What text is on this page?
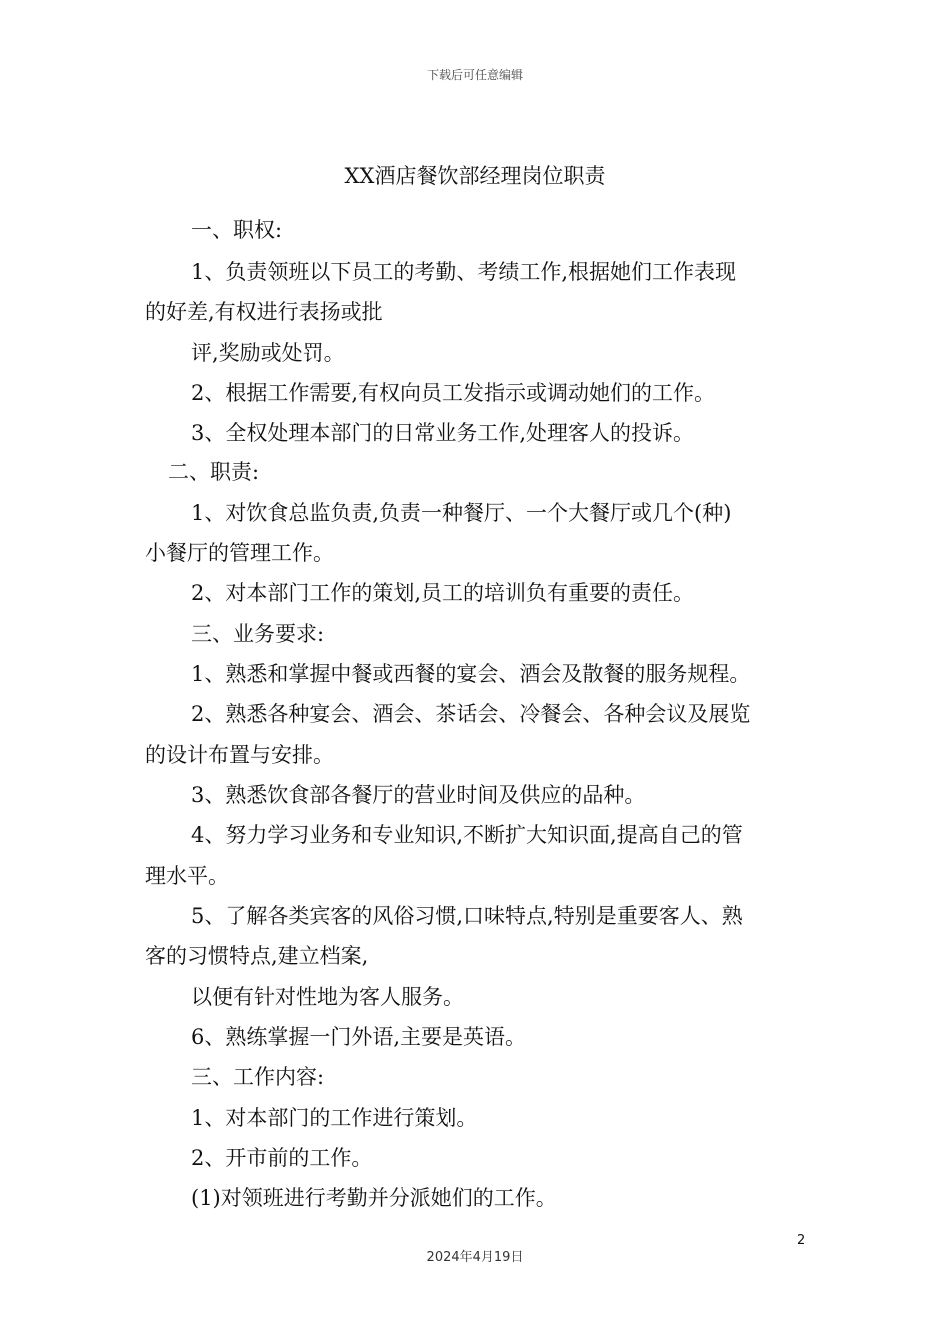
下载后可任意编辑
XX酒店餐饮部经理岗位职责
一、职权:
1、负责领班以下员工的考勤、考绩工作,根据她们工作表现
的好差,有权进行表扬或批
评,奖励或处罚。
2、根据工作需要,有权向员工发指示或调动她们的工作。
3、全权处理本部门的日常业务工作,处理客人的投诉。
二、职责:
1、对饮食总监负责,负责一种餐厅、一个大餐厅或几个(种)
小餐厅的管理工作。
2、对本部门工作的策划,员工的培训负有重要的责任。
三、业务要求:
1、熟悉和掌握中餐或西餐的宴会、酒会及散餐的服务规程。
2、熟悉各种宴会、酒会、茶话会、冷餐会、各种会议及展览
的设计布置与安排。
3、熟悉饮食部各餐厅的营业时间及供应的品种。
4、努力学习业务和专业知识,不断扩大知识面,提高自己的管
理水平。
5、了解各类宾客的风俗习惯,口味特点,特别是重要客人、熟
客的习惯特点,建立档案,
以便有针对性地为客人服务。
6、熟练掌握一门外语,主要是英语。
三、工作内容:
1、对本部门的工作进行策划。
2、开市前的工作。
(1)对领班进行考勤并分派她们的工作。
2
2024年4月19日
